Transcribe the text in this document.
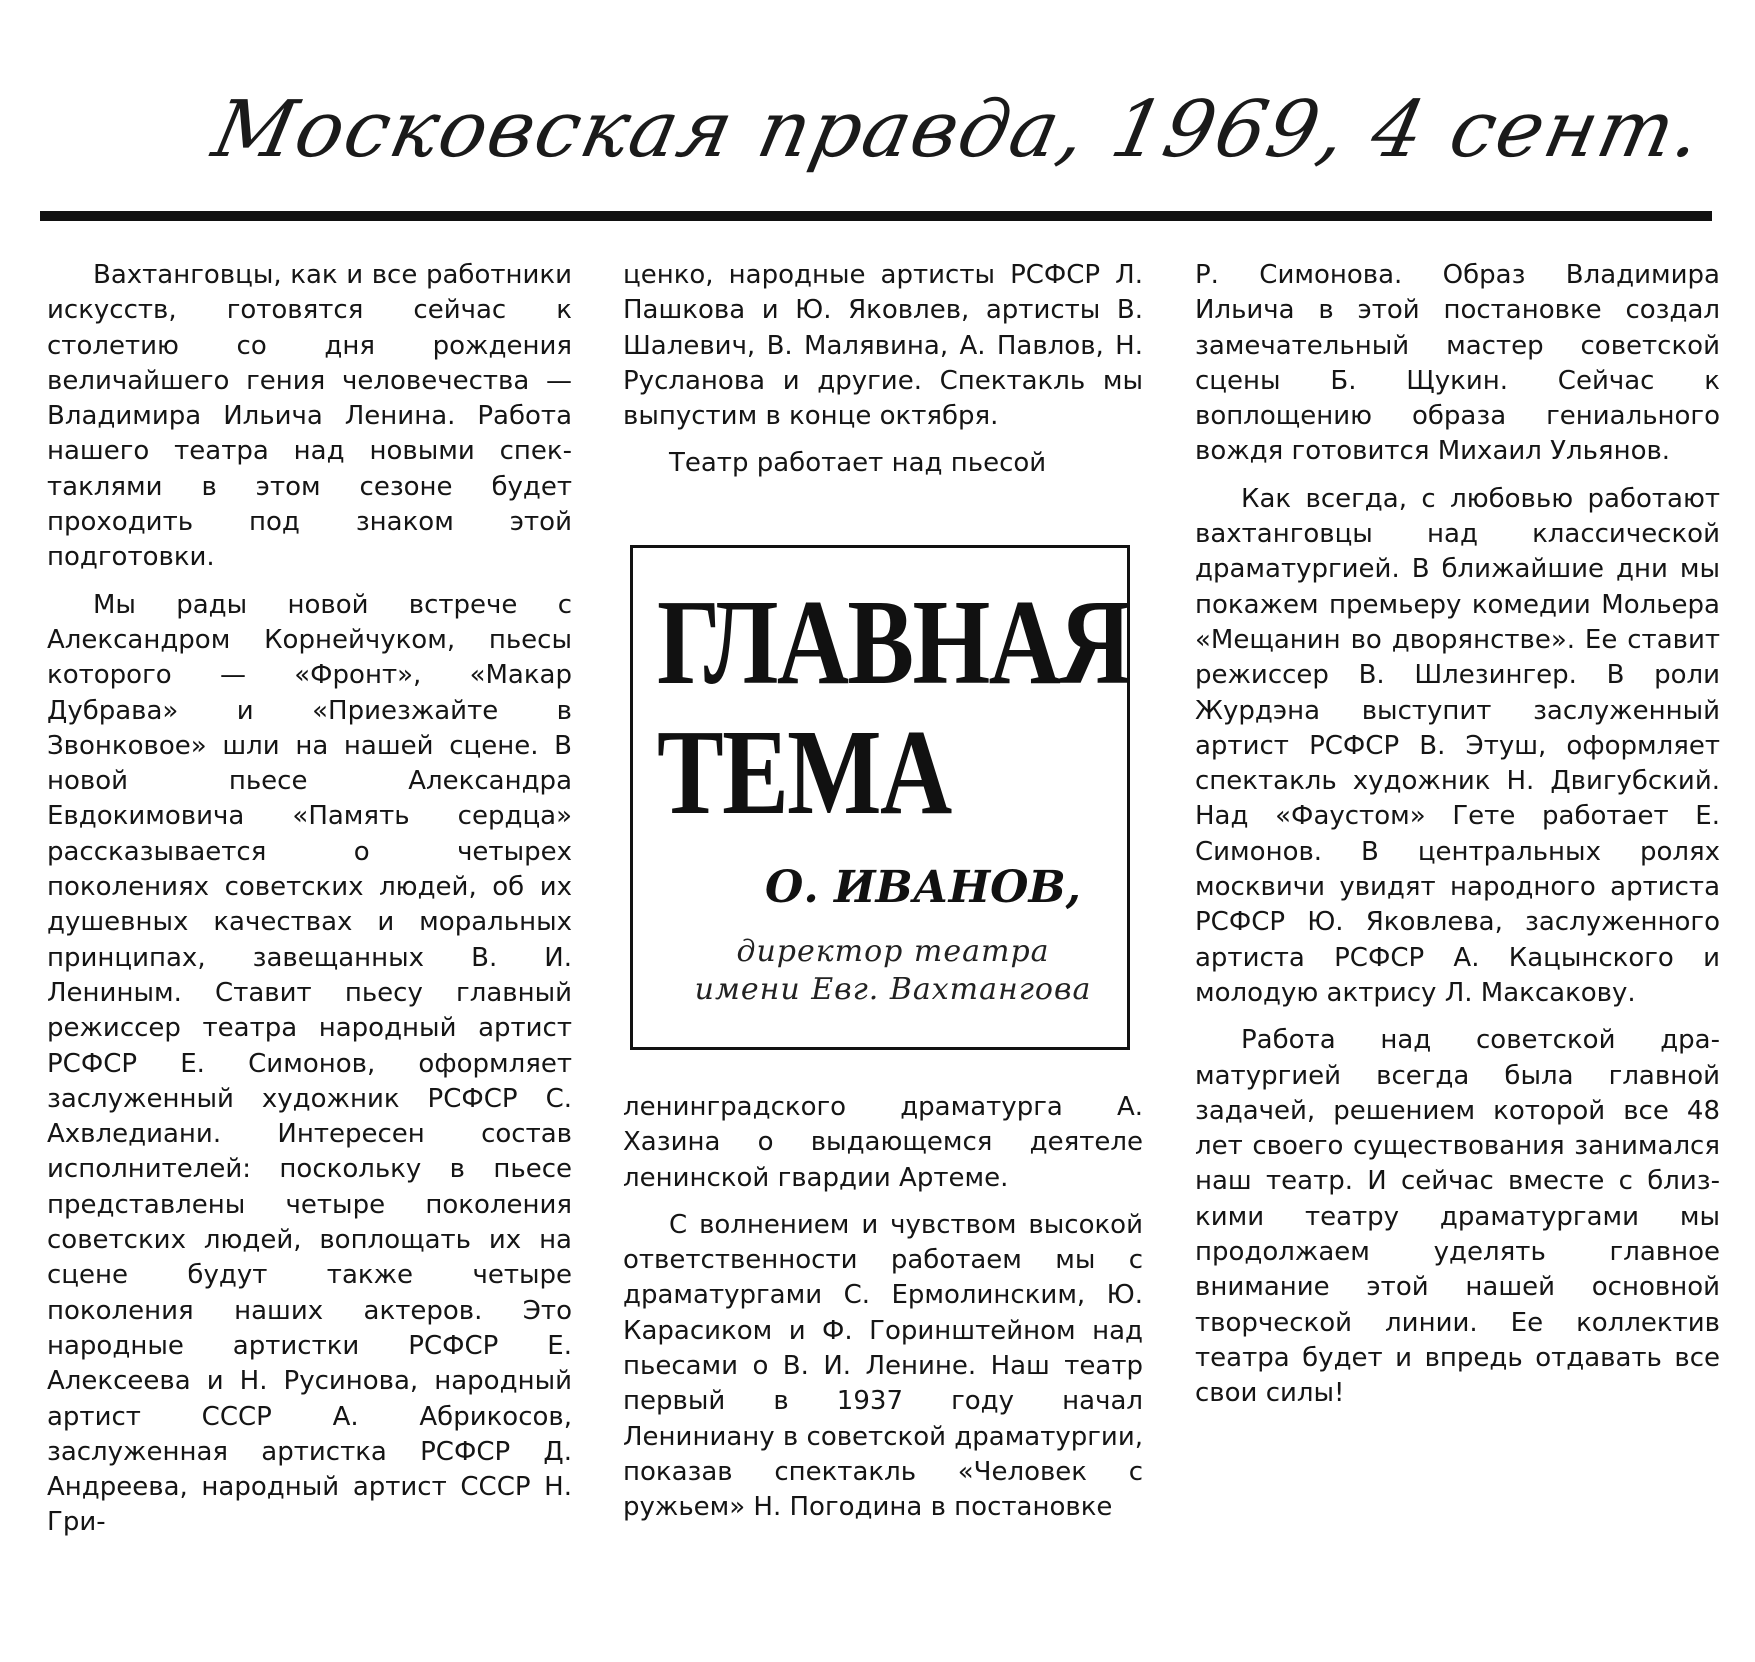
Московская правда, 1969, 4 сент.

Вахтанговцы, как и все работники искусств, готовятся сейчас к столетию со дня рождения величайшего гения человечества — Владимира Ильича Ленина. Работа нашего театра над новыми спектаклями в этом сезоне будет проходить под знаком этой подготовки.

Мы рады новой встрече с Александром Корнейчуком, пьесы которого — «Фронт», «Макар Дубрава» и «Приезжайте в Звонковое» шли на нашей сцене. В новой пьесе Александра Евдокимовича «Память сердца» рассказывается о четырех поколениях советских людей, об их душевных качествах и моральных принципах, завещанных В. И. Лениным. Ставит пьесу главный режиссер театра народный артист РСФСР Е. Симонов, оформляет заслуженный художник РСФСР С. Ахвледиани. Интересен состав исполнителей: поскольку в пьесе представлены четыре поколения советских людей, воплощать их на сцене будут также четыре поколения наших актеров. Это народные артистки РСФСР Е. Алексеева и Н. Русинова, народный артист СССР А. Абрикосов, заслуженная артистка РСФСР Д. Андреева, народный артист СССР Н. Гри-

ценко, народные артисты РСФСР Л. Пашкова и Ю. Яковлев, артисты В. Шалевич, В. Малявина, А. Павлов, Н. Русланова и другие. Спектакль мы выпустим в конце октября.

Театр работает над пьесой

ГЛАВНАЯ
ТЕМА
О. ИВАНОВ,
директор театра
имени Евг. Вахтангова

ленинградского драматурга А. Хазина о выдающемся деятеле ленинской гвардии Артеме.

С волнением и чувством высокой ответственности работаем мы с драматургами С. Ермолинским, Ю. Карасиком и Ф. Горинштейном над пьесами о В. И. Ленине. Наш театр первый в 1937 году начал Лениниану в советской драматургии, показав спектакль «Человек с ружьем» Н. Погодина в постановке

Р. Симонова. Образ Владимира Ильича в этой постановке создал замечательный мастер советской сцены Б. Щукин. Сейчас к воплощению образа гениального вождя готовится Михаил Ульянов.

Как всегда, с любовью работают вахтанговцы над классической драматургией. В ближайшие дни мы покажем премьеру комедии Мольера «Мещанин во дворянстве». Ее ставит режиссер В. Шлезингер. В роли Журдэна выступит заслуженный артист РСФСР В. Этуш, оформляет спектакль художник Н. Двигубский. Над «Фаустом» Гете работает Е. Симонов. В центральных ролях москвичи увидят народного артиста РСФСР Ю. Яковлева, заслуженного артиста РСФСР А. Кацынского и молодую актрису Л. Максакову.

Работа над советской драматургией всегда была главной задачей, решением которой все 48 лет своего существования занимался наш театр. И сейчас вместе с близкими театру драматургами мы продолжаем уделять главное внимание этой нашей основной творческой линии. Ее коллектив театра будет и впредь отдавать все свои силы!
